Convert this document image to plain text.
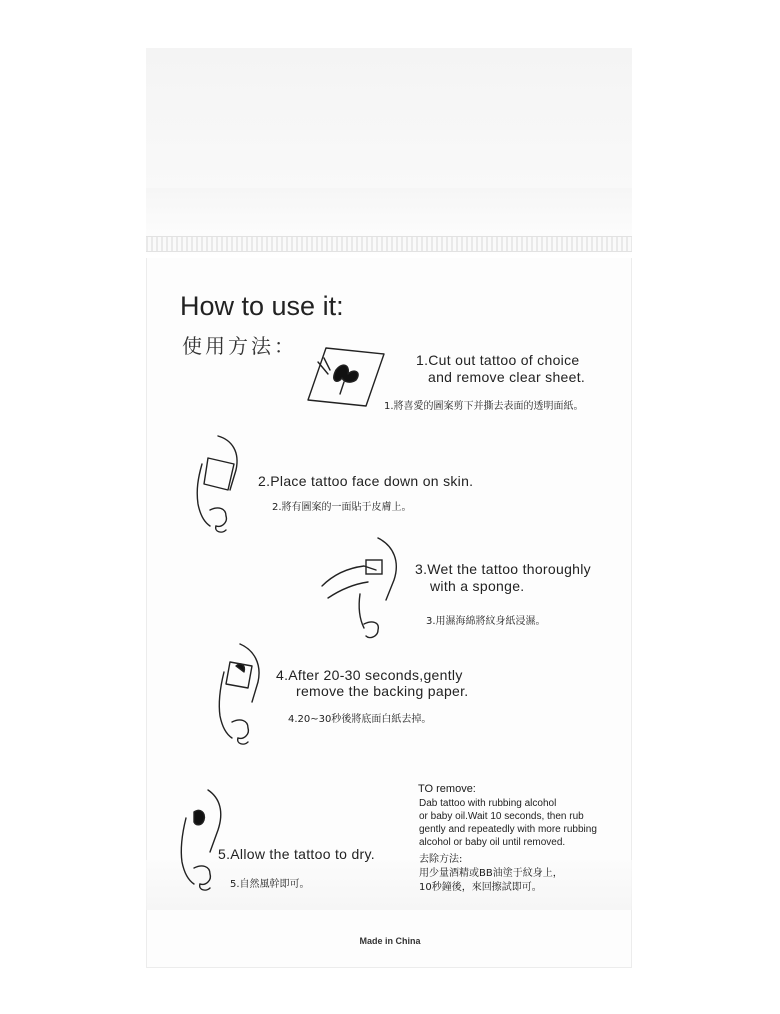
How to use it:
使用方法：
1.Cut out tattoo of choice
and remove clear sheet.
1.將喜愛的圖案剪下并撕去表面的透明面紙。
2.Place tattoo face down on skin.
2.將有圖案的一面貼于皮膚上。
3.Wet the tattoo thoroughly
with a sponge.
3.用濕海綿將紋身紙浸濕。
4.After 20-30 seconds,gently
remove the backing paper.
4.20~30秒後將底面白紙去掉。
5.Allow the tattoo to dry.
5.自然風幹即可。
TO remove:
Dab tattoo with rubbing alcohol
or baby oil.Wait 10 seconds, then rub
gently and repeatedly with more rubbing
alcohol or baby oil until removed.
去除方法:
用少量酒精或BB油塗于紋身上，
10秒鐘後，來回擦試即可。
Made in China
